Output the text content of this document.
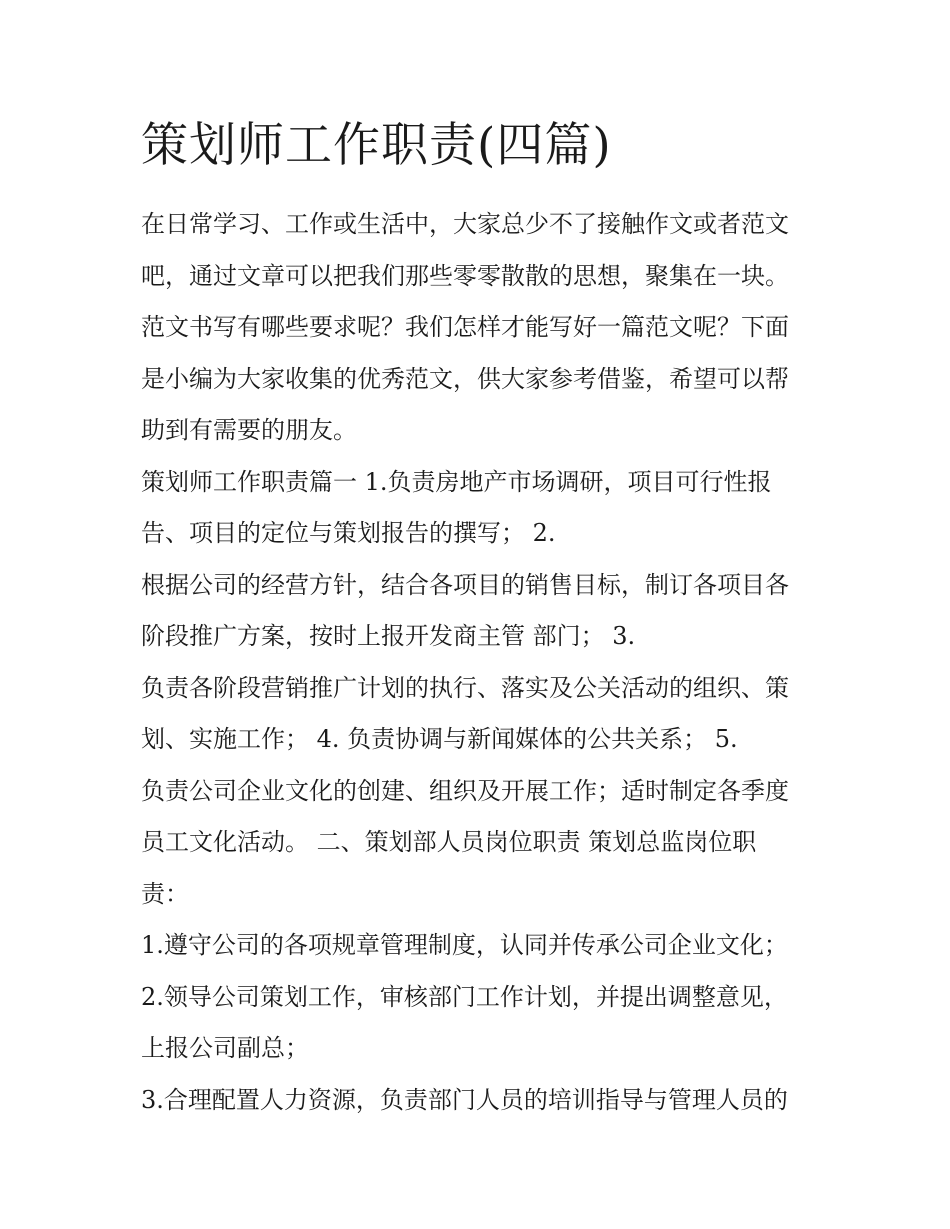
策划师工作职责(四篇)
在日常学习、工作或生活中，大家总少不了接触作文或者范文
吧，通过文章可以把我们那些零零散散的思想，聚集在一块。
范文书写有哪些要求呢？我们怎样才能写好一篇范文呢？下面
是小编为大家收集的优秀范文，供大家参考借鉴，希望可以帮
助到有需要的朋友。
策划师工作职责篇一 1.负责房地产市场调研，项目可行性报
告、项目的定位与策划报告的撰写； 2.
根据公司的经营方针，结合各项目的销售目标，制订各项目各
阶段推广方案，按时上报开发商主管 部门； 3.
负责各阶段营销推广计划的执行、落实及公关活动的组织、策
划、实施工作； 4. 负责协调与新闻媒体的公共关系； 5.
负责公司企业文化的创建、组织及开展工作；适时制定各季度
员工文化活动。 二、策划部人员岗位职责 策划总监岗位职
责：
1.遵守公司的各项规章管理制度，认同并传承公司企业文化；
2.领导公司策划工作，审核部门工作计划，并提出调整意见，
上报公司副总；
3.合理配置人力资源，负责部门人员的培训指导与管理人员的
